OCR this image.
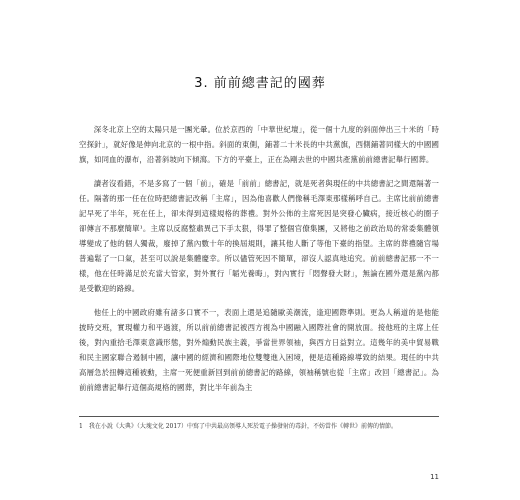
3. 前前總書記的國葬

深冬北京上空的太陽只是一團光暈。位於京西的「中華世紀壇」，從一個十九度的斜面伸出三十米的「時空探針」，就好像是伸向北京的一根中指。斜面的東側，鋪著二十米長的中共黨旗，西側鋪著同樣大的中國國旗，如同血的瀑布，沿著斜坡向下傾瀉。下方的平臺上，正在為剛去世的中國共產黨前前總書記舉行國葬。

讀者沒看錯，不是多寫了一個「前」，確是「前前」總書記，就是死者與現任的中共總書記之間還隔著一任。隔著的那一任在位時把總書記改稱「主席」，因為他喜歡人們像稱毛澤東那樣稱呼自己。主席比前前總書記早死了半年，死在任上，卻未得到這樣規格的葬禮。對外公佈的主席死因是突發心臟病，接近核心的圈子卻傳言不那麼簡單¹。主席以反腐整肅異己下手太狠，得罪了整個官僚集團，又將他之前政治局的常委集體領導變成了他的個人獨裁，廢掉了黨內數十年的換屆規則，讓其他人斷了等他下臺的指望。主席的葬禮隨官場普遍鬆了一口氣，甚至可以說是集體慶幸。所以儘管死因不簡單，卻沒人認真地追究。前前總書記那一不一樣，他在任時滿足於充當大管家，對外實行「韜光養晦」，對內實行「悶聲發大財」，無論在國外還是黨內都是受歡迎的路線。

他任上的中國政府雖有諸多口實不一，表面上還是追隨歐美潮流，逢迎國際準則。更為人稱道的是他能披時交班，實現權力和平過渡，所以前前總書記被西方視為中國融入國際社會的開放面。接他班的主席上任後，對內重拾毛澤東意識形態，對外煽動民族主義，爭當世界領袖，與西方日益對立。這幾年的美中貿易戰和民主國家聯合遏制中國，讓中國的經濟和國際地位雙雙進入困境，便是這種路線導致的結果。現任的中共高層急於扭轉這種被動，主席一死便重新回到前前總書記的路線，領袖稱號也從「主席」改回「總書記」。為前前總書記舉行這個高規格的國葬，對比半年前為主

1　我在小說《大典》（大塊文化 2017）中寫了中共最高領導人死於電子操發射的毒針，不妨當作《轉世》前傳的情節。
11
